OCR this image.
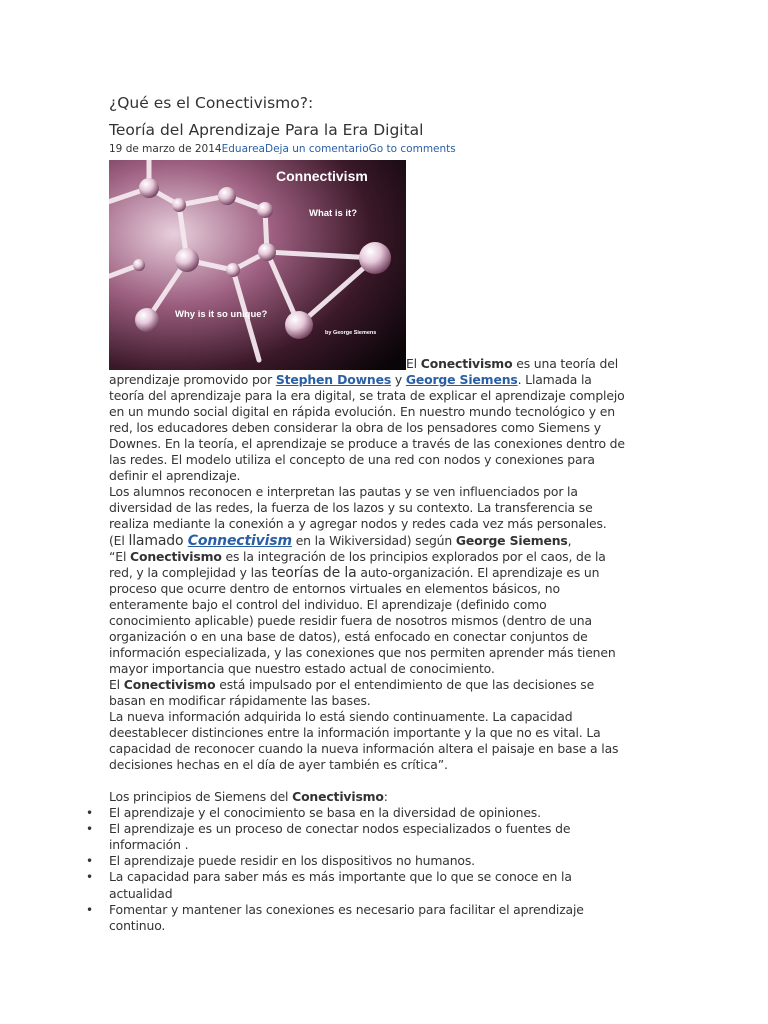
¿Qué es el Conectivismo?:
Teoría del Aprendizaje Para la Era Digital
19 de marzo de 2014EduareaDeja un comentarioGo to comments
Connectivism
What is it?
Why is it so unique?
by George Siemens

El Conectivismo es una teoría del aprendizaje promovido por Stephen Downes y George Siemens. Llamada la teoría del aprendizaje para la era digital, se trata de explicar el aprendizaje complejo en un mundo social digital en rápida evolución. En nuestro mundo tecnológico y en red, los educadores deben considerar la obra de los pensadores como Siemens y Downes. En la teoría, el aprendizaje se produce a través de las conexiones dentro de las redes. El modelo utiliza el concepto de una red con nodos y conexiones para definir el aprendizaje.

Los alumnos reconocen e interpretan las pautas y se ven influenciados por la diversidad de las redes, la fuerza de los lazos y su contexto. La transferencia se realiza mediante la conexión a y agregar nodos y redes cada vez más personales.

(El llamado Connectivism en la Wikiversidad) según George Siemens,

“El Conectivismo es la integración de los principios explorados por el caos, de la red, y la complejidad y las teorías de la auto-organización. El aprendizaje es un proceso que ocurre dentro de entornos virtuales en elementos básicos, no enteramente bajo el control del individuo. El aprendizaje (definido como conocimiento aplicable) puede residir fuera de nosotros mismos (dentro de una organización o en una base de datos), está enfocado en conectar conjuntos de información especializada, y las conexiones que nos permiten aprender más tienen mayor importancia que nuestro estado actual de conocimiento.

El Conectivismo está impulsado por el entendimiento de que las decisiones se basan en modificar rápidamente las bases.

La nueva información adquirida lo está siendo continuamente. La capacidad deestablecer distinciones entre la información importante y la que no es vital. La capacidad de reconocer cuando la nueva información altera el paisaje en base a las decisiones hechas en el día de ayer también es crítica”.

Los principios de Siemens del Conectivismo:

• El aprendizaje y el conocimiento se basa en la diversidad de opiniones.
• El aprendizaje es un proceso de conectar nodos especializados o fuentes de información .
• El aprendizaje puede residir en los dispositivos no humanos.
• La capacidad para saber más es más importante que lo que se conoce en la actualidad
• Fomentar y mantener las conexiones es necesario para facilitar el aprendizaje continuo.
